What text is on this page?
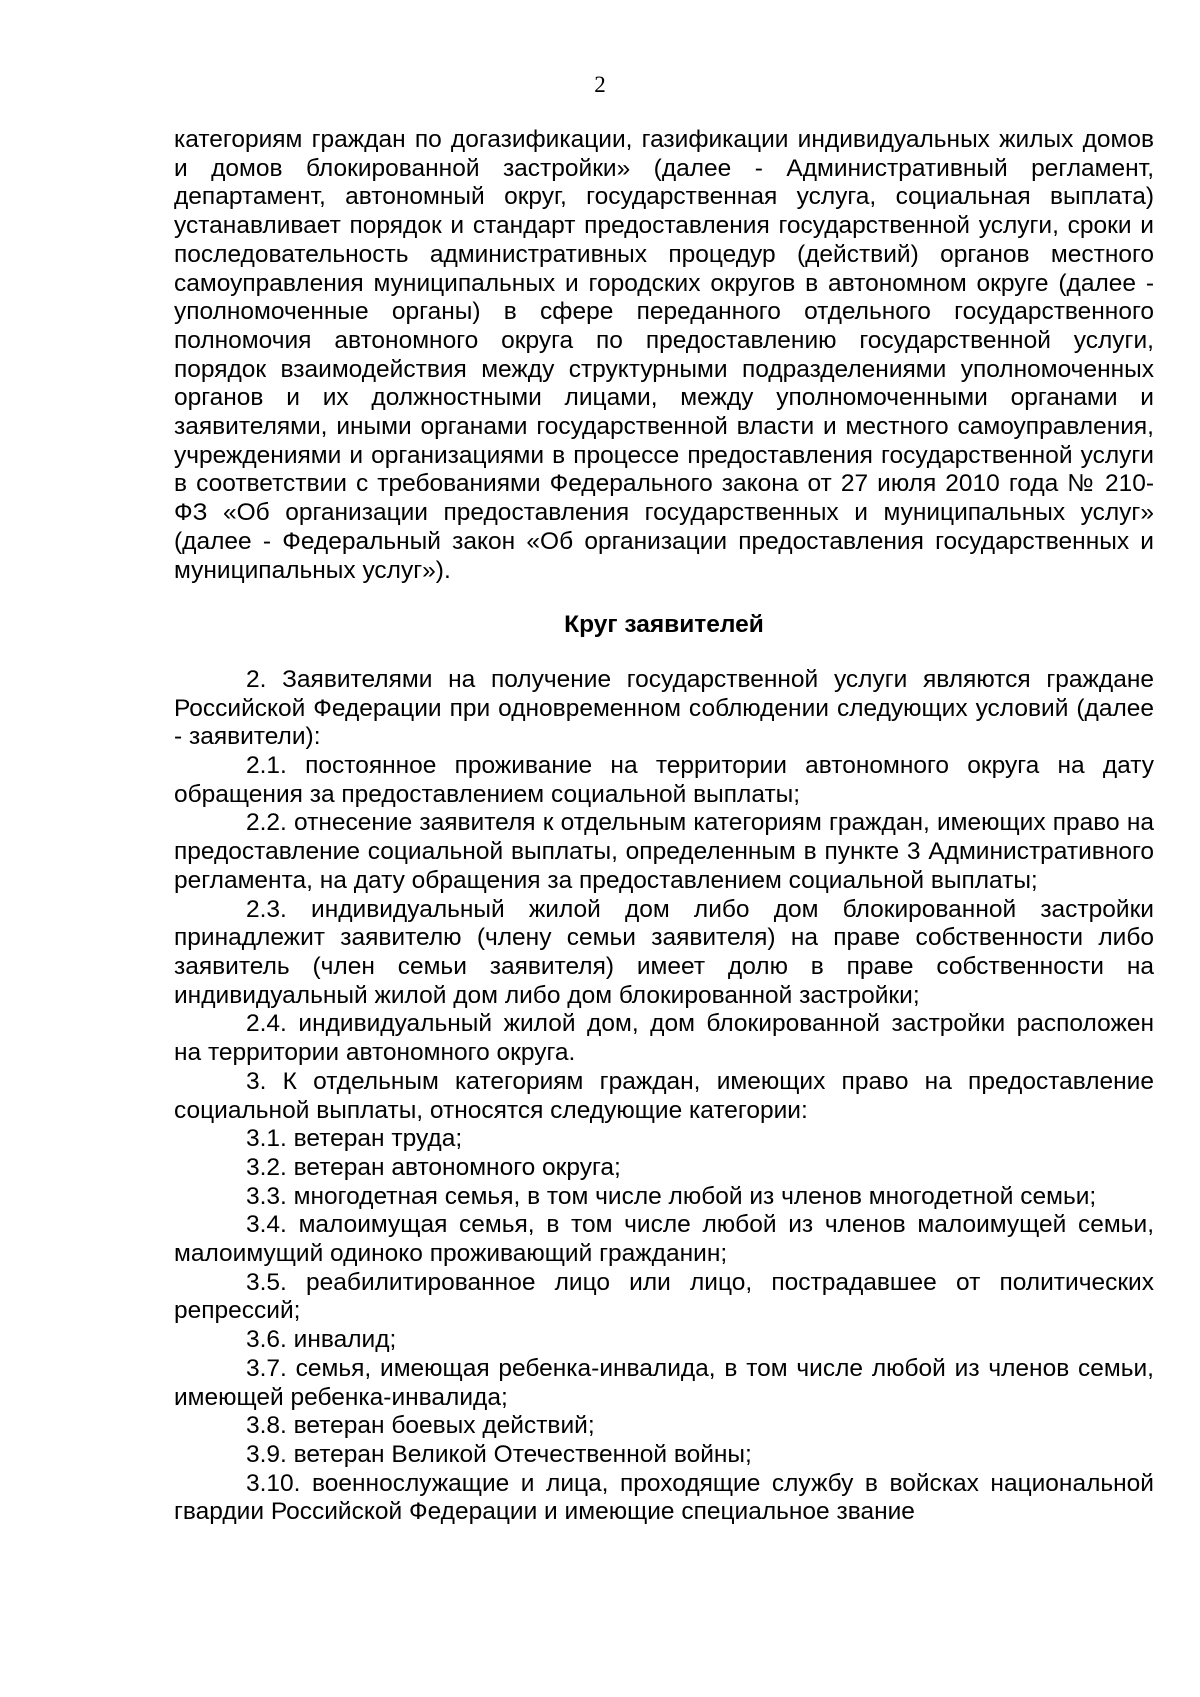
2

категориям граждан по догазификации, газификации индивидуальных жилых домов и домов блокированной застройки» (далее - Административный регламент, департамент, автономный округ, государственная услуга, социальная выплата) устанавливает порядок и стандарт предоставления государственной услуги, сроки и последовательность административных процедур (действий) органов местного самоуправления муниципальных и городских округов в автономном округе (далее - уполномоченные органы) в сфере переданного отдельного государственного полномочия автономного округа по предоставлению государственной услуги, порядок взаимодействия между структурными подразделениями уполномоченных органов и их должностными лицами, между уполномоченными органами и заявителями, иными органами государственной власти и местного самоуправления, учреждениями и организациями в процессе предоставления государственной услуги в соответствии с требованиями Федерального закона от 27 июля 2010 года № 210-ФЗ «Об организации предоставления государственных и муниципальных услуг» (далее - Федеральный закон «Об организации предоставления государственных и муниципальных услуг»).

Круг заявителей

2. Заявителями на получение государственной услуги являются граждане Российской Федерации при одновременном соблюдении следующих условий (далее - заявители):

2.1. постоянное проживание на территории автономного округа на дату обращения за предоставлением социальной выплаты;

2.2. отнесение заявителя к отдельным категориям граждан, имеющих право на предоставление социальной выплаты, определенным в пункте 3 Административного регламента, на дату обращения за предоставлением социальной выплаты;

2.3. индивидуальный жилой дом либо дом блокированной застройки принадлежит заявителю (члену семьи заявителя) на праве собственности либо заявитель (член семьи заявителя) имеет долю в праве собственности на индивидуальный жилой дом либо дом блокированной застройки;

2.4. индивидуальный жилой дом, дом блокированной застройки расположен на территории автономного округа.

3. К отдельным категориям граждан, имеющих право на предоставление социальной выплаты, относятся следующие категории:

3.1. ветеран труда;

3.2. ветеран автономного округа;

3.3. многодетная семья, в том числе любой из членов многодетной семьи;

3.4. малоимущая семья, в том числе любой из членов малоимущей семьи, малоимущий одиноко проживающий гражданин;

3.5. реабилитированное лицо или лицо, пострадавшее от политических репрессий;

3.6. инвалид;

3.7. семья, имеющая ребенка-инвалида, в том числе любой из членов семьи, имеющей ребенка-инвалида;

3.8. ветеран боевых действий;

3.9. ветеран Великой Отечественной войны;

3.10. военнослужащие и лица, проходящие службу в войсках национальной гвардии Российской Федерации и имеющие специальное звание
